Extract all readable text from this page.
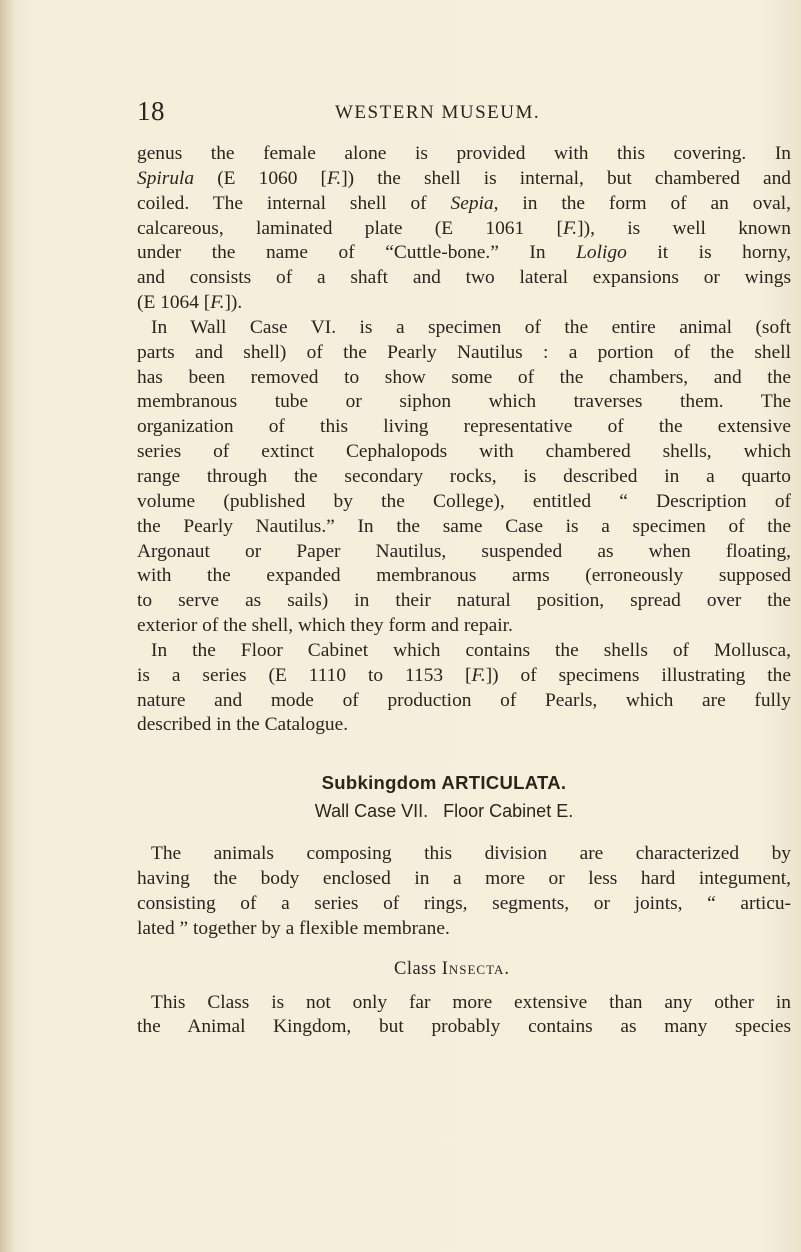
18	WESTERN MUSEUM.
genus the female alone is provided with this covering. In
Spirula (E 1060 [F.]) the shell is internal, but chambered and
coiled. The internal shell of Sepia, in the form of an oval,
calcareous, laminated plate (E 1061 [F.]), is well known
under the name of “Cuttle-bone.” In Loligo it is horny,
and consists of a shaft and two lateral expansions or wings
(E 1064 [F.]).
In Wall Case VI. is a specimen of the entire animal (soft
parts and shell) of the Pearly Nautilus : a portion of the shell
has been removed to show some of the chambers, and the
membranous tube or siphon which traverses them. The
organization of this living representative of the extensive
series of extinct Cephalopods with chambered shells, which
range through the secondary rocks, is described in a quarto
volume (published by the College), entitled “ Description of
the Pearly Nautilus.” In the same Case is a specimen of the
Argonaut or Paper Nautilus, suspended as when floating,
with the expanded membranous arms (erroneously supposed
to serve as sails) in their natural position, spread over the
exterior of the shell, which they form and repair.
In the Floor Cabinet which contains the shells of Mollusca,
is a series (E 1110 to 1153 [F.]) of specimens illustrating the
nature and mode of production of Pearls, which are fully
described in the Catalogue.
Subkingdom ARTICULATA.
Wall Case VII.   Floor Cabinet E.
The animals composing this division are characterized by
having the body enclosed in a more or less hard integument,
consisting of a series of rings, segments, or joints, “ articu-
lated ” together by a flexible membrane.
Class Insecta.
This Class is not only far more extensive than any other in
the Animal Kingdom, but probably contains as many species
